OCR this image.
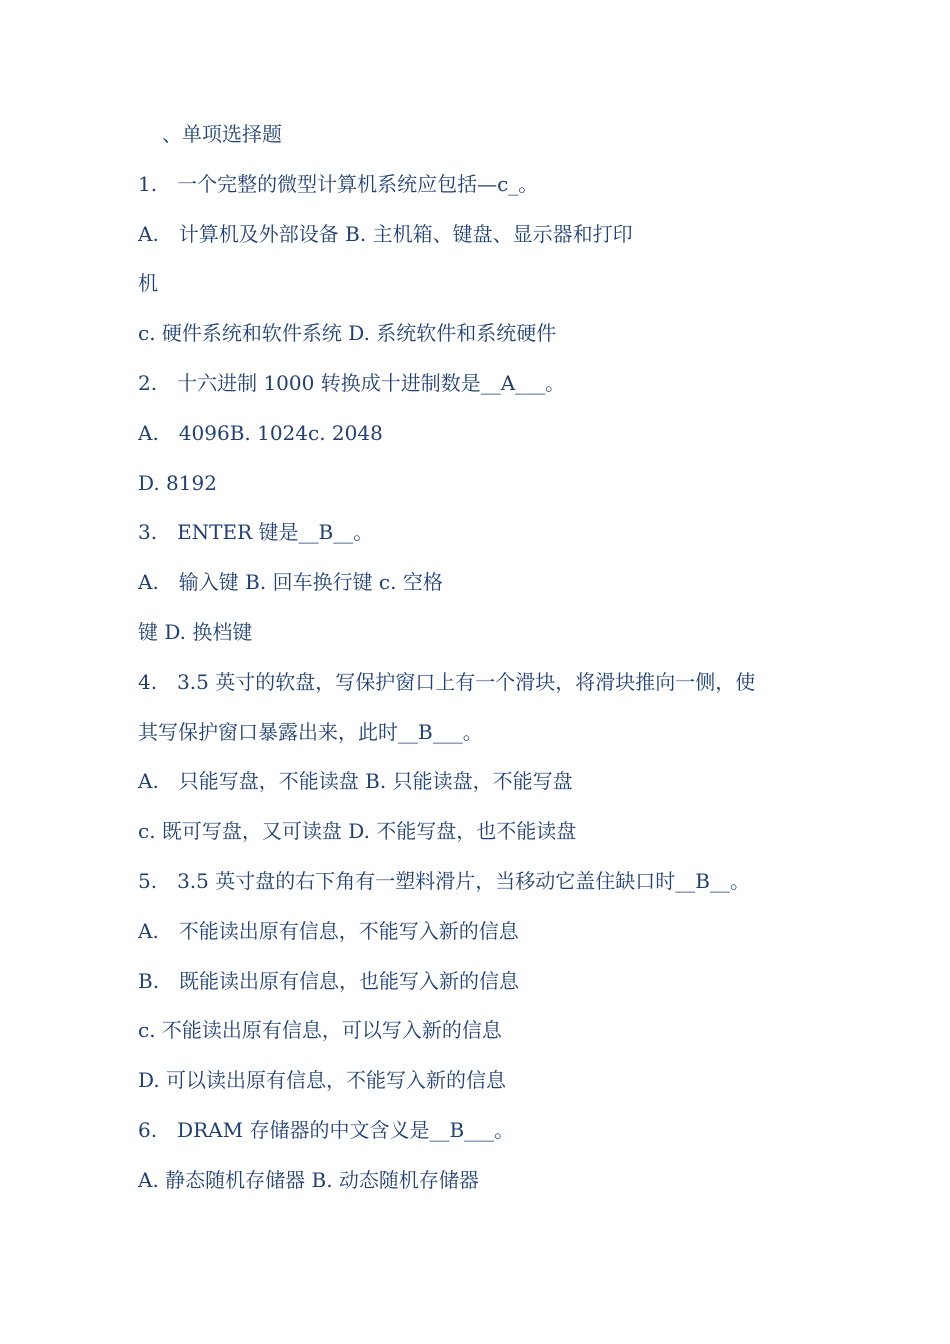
、单项选择题
1.　一个完整的微型计算机系统应包括—c_。
A.　计算机及外部设备 B. 主机箱、键盘、显示器和打印
机
c. 硬件系统和软件系统 D. 系统软件和系统硬件
2.　十六进制 1000 转换成十进制数是__A___。
A.　4096B. 1024c. 2048
D. 8192
3.　ENTER 键是__B__。
A.　输入键 B. 回车换行键 c. 空格
键 D. 换档键
4.　3.5 英寸的软盘，写保护窗口上有一个滑块，将滑块推向一侧，使
其写保护窗口暴露出来，此时__B___。
A.　只能写盘，不能读盘 B. 只能读盘，不能写盘
c. 既可写盘，又可读盘 D. 不能写盘，也不能读盘
5.　3.5 英寸盘的右下角有一塑料滑片，当移动它盖住缺口时__B__。
A.　不能读出原有信息，不能写入新的信息
B.　既能读出原有信息，也能写入新的信息
c. 不能读出原有信息，可以写入新的信息
D. 可以读出原有信息，不能写入新的信息
6.　DRAM 存储器的中文含义是__B___。
A. 静态随机存储器 B. 动态随机存储器
